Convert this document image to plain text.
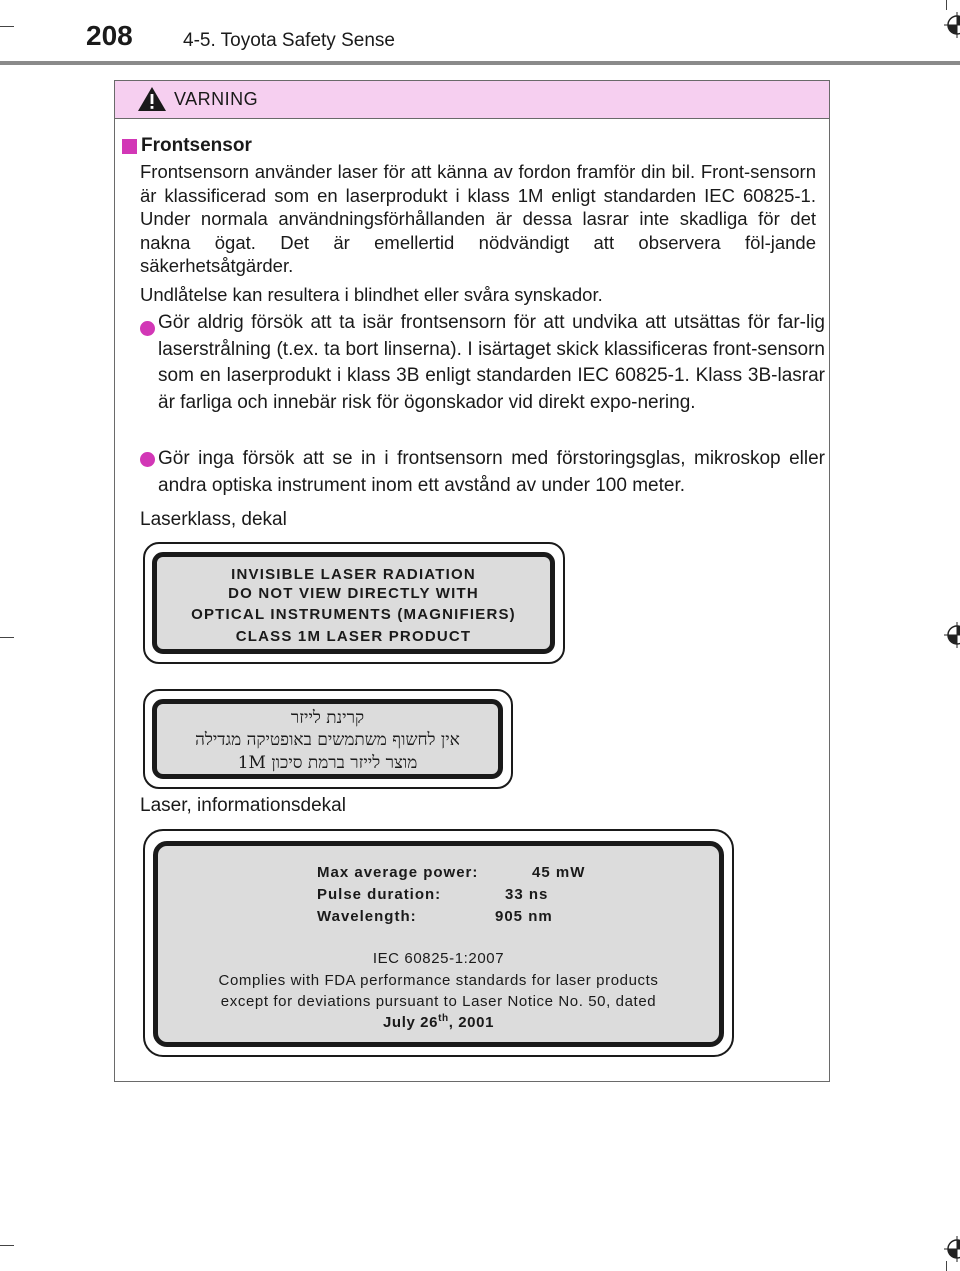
208	4-5. Toyota Safety Sense
VARNING
Frontsensor
Frontsensorn använder laser för att känna av fordon framför din bil. Front-sensorn är klassificerad som en laserprodukt i klass 1M enligt standarden IEC 60825-1. Under normala användningsförhållanden är dessa lasrar inte skadliga för det nakna ögat. Det är emellertid nödvändigt att observera föl-jande säkerhetsåtgärder.
Undlåtelse kan resultera i blindhet eller svåra synskador.
Gör aldrig försök att ta isär frontsensorn för att undvika att utsättas för far-lig laserstrålning (t.ex. ta bort linserna). I isärtaget skick klassificeras front-sensorn som en laserprodukt i klass 3B enligt standarden IEC 60825-1. Klass 3B-lasrar är farliga och innebär risk för ögonskador vid direkt expo-nering.
Gör inga försök att se in i frontsensorn med förstoringsglas, mikroskop eller andra optiska instrument inom ett avstånd av under 100 meter.
Laserklass, dekal
INVISIBLE LASER RADIATION
DO NOT VIEW DIRECTLY WITH
OPTICAL INSTRUMENTS (MAGNIFIERS)
CLASS 1M LASER PRODUCT
קרינת לייזר
אין לחשוף משתמשים באופטיקה מגדילה
מוצר לייזר ברמת סיכון 1M
Laser, informationsdekal
Max average power:	45 mW
Pulse duration:	33 ns
Wavelength:	905 nm
IEC 60825-1:2007
Complies with FDA performance standards for laser products
except for deviations pursuant to Laser Notice No. 50, dated
July 26th, 2001
